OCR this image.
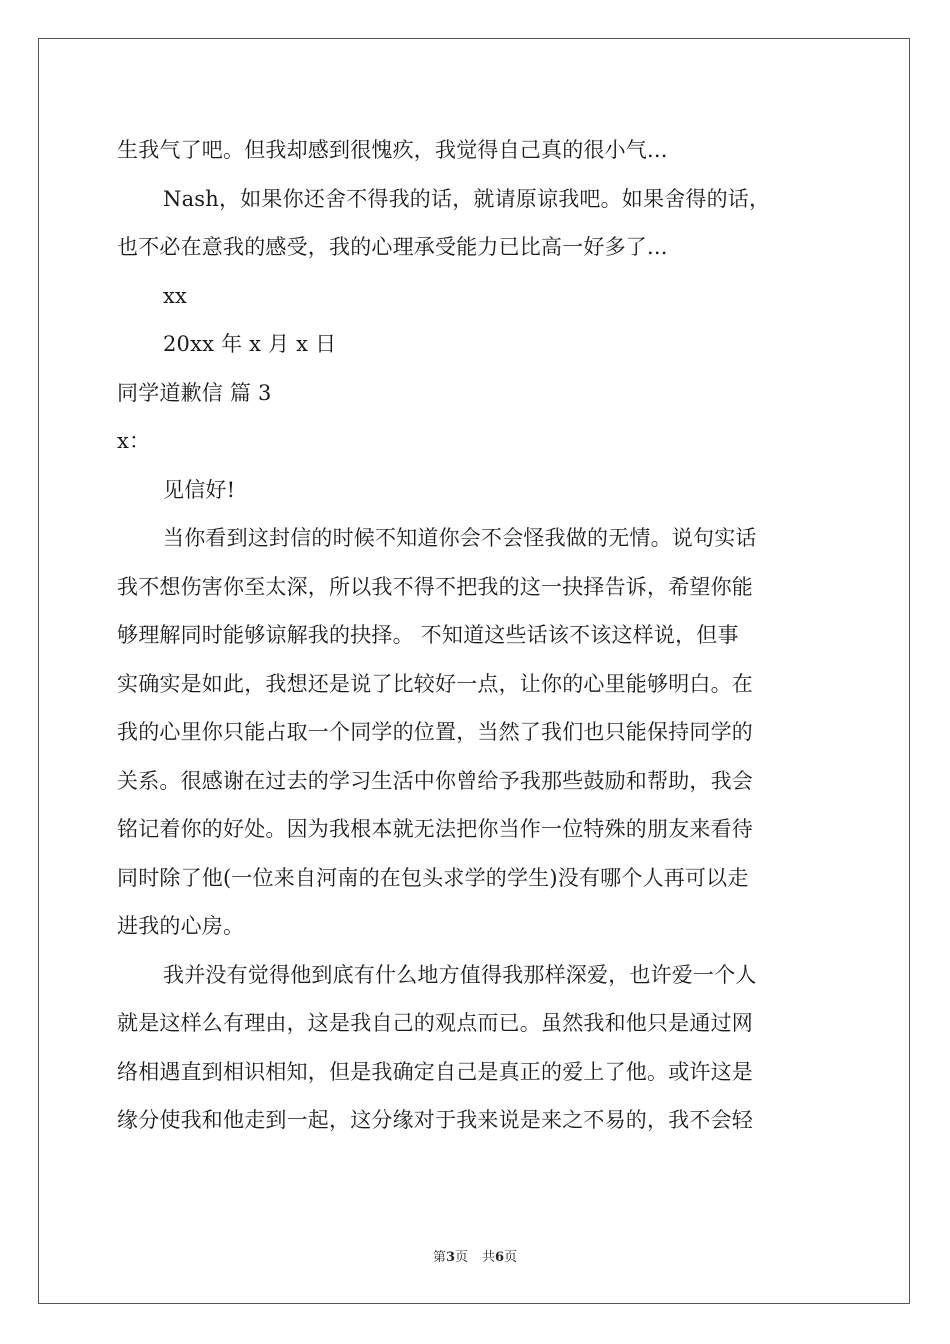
生我气了吧。但我却感到很愧疚，我觉得自己真的很小气...
Nash，如果你还舍不得我的话，就请原谅我吧。如果舍得的话，
也不必在意我的感受，我的心理承受能力已比高一好多了...
xx
20xx 年 x 月 x 日
同学道歉信 篇 3
x：
见信好!
当你看到这封信的时候不知道你会不会怪我做的无情。说句实话
我不想伤害你至太深，所以我不得不把我的这一抉择告诉，希望你能
够理解同时能够谅解我的抉择。 不知道这些话该不该这样说，但事
实确实是如此，我想还是说了比较好一点，让你的心里能够明白。在
我的心里你只能占取一个同学的位置，当然了我们也只能保持同学的
关系。很感谢在过去的学习生活中你曾给予我那些鼓励和帮助，我会
铭记着你的好处。因为我根本就无法把你当作一位特殊的朋友来看待
同时除了他(一位来自河南的在包头求学的学生)没有哪个人再可以走
进我的心房。
我并没有觉得他到底有什么地方值得我那样深爱，也许爱一个人
就是这样么有理由，这是我自己的观点而已。虽然我和他只是通过网
络相遇直到相识相知，但是我确定自己是真正的爱上了他。或许这是
缘分使我和他走到一起，这分缘对于我来说是来之不易的，我不会轻
第3页 共6页
